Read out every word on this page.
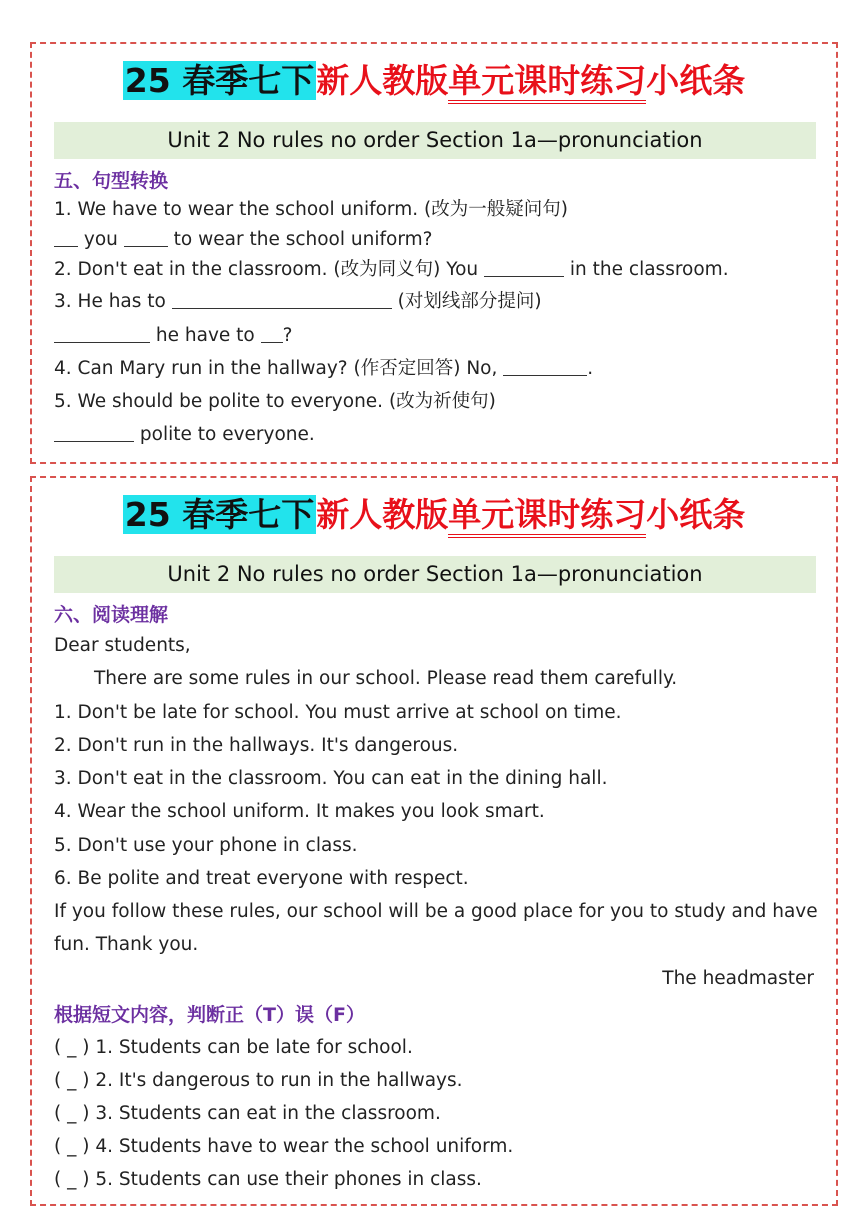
25 春季七下新人教版单元课时练习小纸条
Unit 2 No rules no order Section 1a—pronunciation
五、句型转换
1. We have to wear the school uniform. (改为一般疑问句)
you	to wear the school uniform?
2. Don't eat in the classroom. (改为同义句) You	in the classroom.
3. He has to	(对划线部分提问)
he have to ?
4. Can Mary run in the hallway? (作否定回答) No,	.
5. We should be polite to everyone. (改为祈使句)
polite to everyone.
25 春季七下新人教版单元课时练习小纸条
Unit 2 No rules no order Section 1a—pronunciation
六、阅读理解
Dear students,
There are some rules in our school. Please read them carefully.
1. Don't be late for school. You must arrive at school on time.
2. Don't run in the hallways. It's dangerous.
3. Don't eat in the classroom. You can eat in the dining hall.
4. Wear the school uniform. It makes you look smart.
5. Don't use your phone in class.
6. Be polite and treat everyone with respect.
If you follow these rules, our school will be a good place for you to study and have
fun. Thank you.
The headmaster
根据短文内容，判断正（T）误（F）
( _ ) 1. Students can be late for school.
( _ ) 2. It's dangerous to run in the hallways.
( _ ) 3. Students can eat in the classroom.
( _ ) 4. Students have to wear the school uniform.
( _ ) 5. Students can use their phones in class.
